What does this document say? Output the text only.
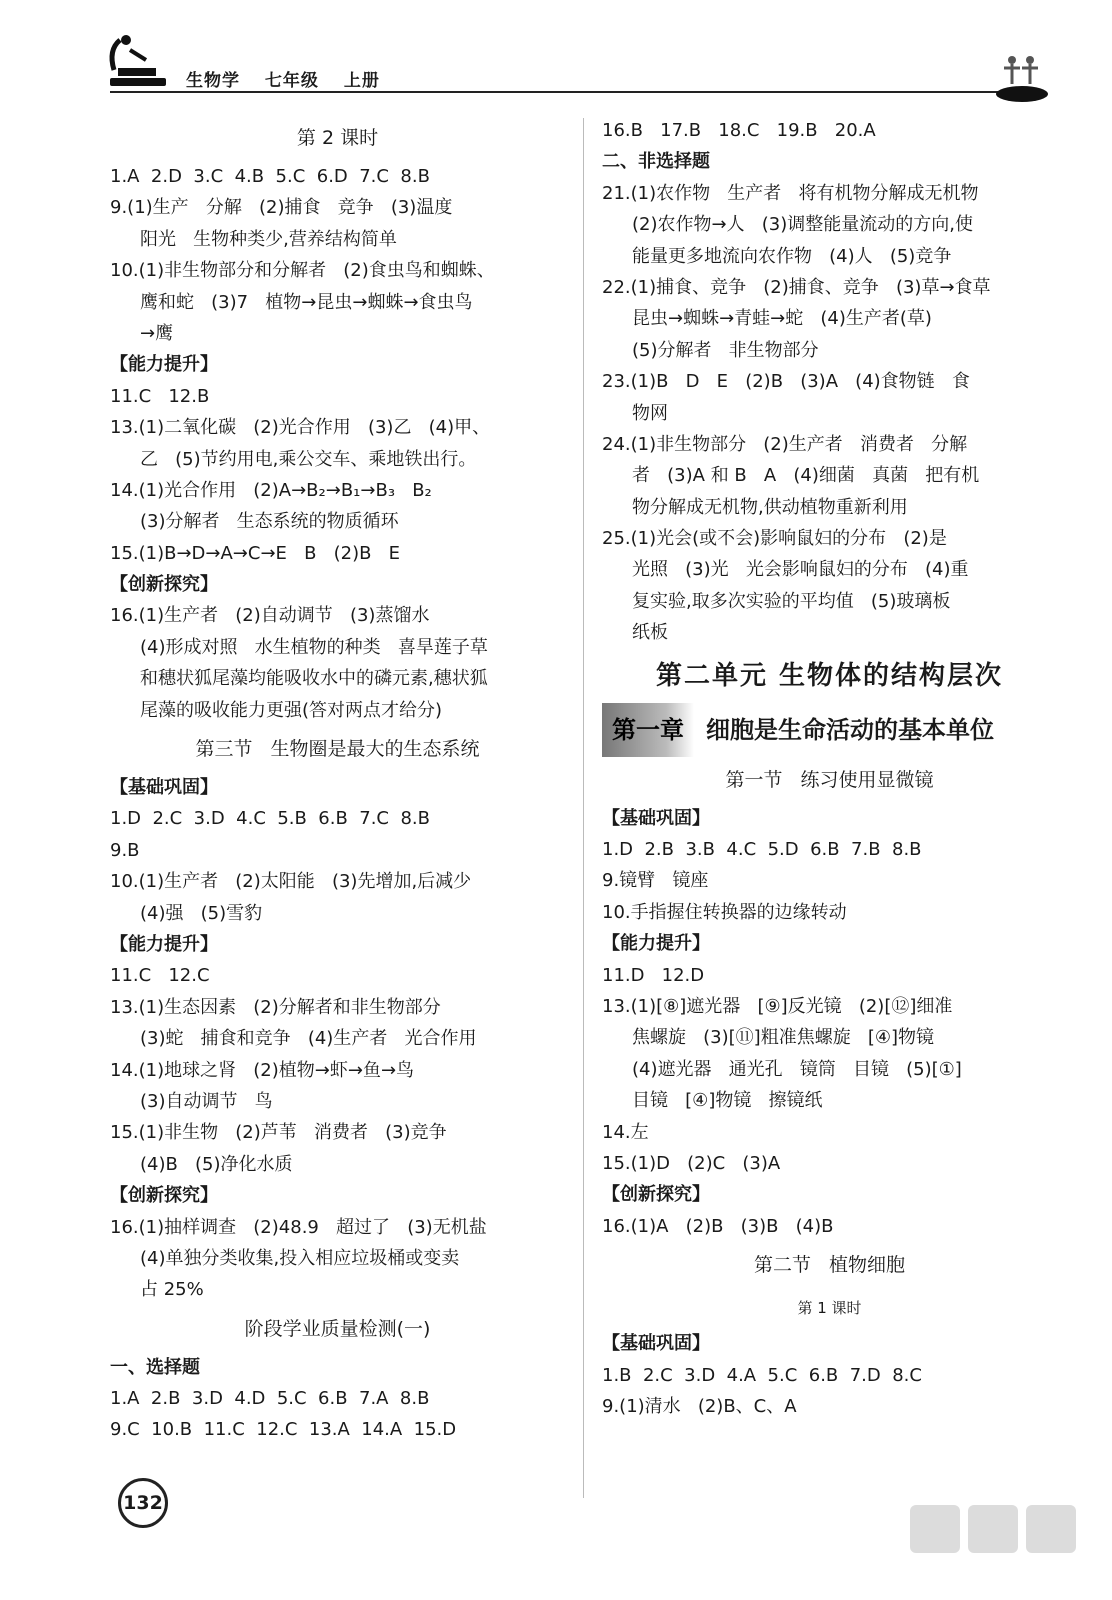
生物学 七年级 上册
第 2 课时
1.A  2.D  3.C  4.B  5.C  6.D  7.C  8.B
9.(1)生产   分解   (2)捕食   竞争   (3)温度
阳光   生物种类少,营养结构简单
10.(1)非生物部分和分解者   (2)食虫鸟和蜘蛛、
鹰和蛇   (3)7   植物→昆虫→蜘蛛→食虫鸟
→鹰
【能力提升】
11.C   12.B
13.(1)二氧化碳   (2)光合作用   (3)乙   (4)甲、
乙   (5)节约用电,乘公交车、乘地铁出行。
14.(1)光合作用   (2)A→B₂→B₁→B₃   B₂
(3)分解者   生态系统的物质循环
15.(1)B→D→A→C→E   B   (2)B   E
【创新探究】
16.(1)生产者   (2)自动调节   (3)蒸馏水
(4)形成对照   水生植物的种类   喜旱莲子草
和穗状狐尾藻均能吸收水中的磷元素,穗状狐
尾藻的吸收能力更强(答对两点才给分)
第三节   生物圈是最大的生态系统
【基础巩固】
1.D  2.C  3.D  4.C  5.B  6.B  7.C  8.B
9.B
10.(1)生产者   (2)太阳能   (3)先增加,后减少
(4)强   (5)雪豹
【能力提升】
11.C   12.C
13.(1)生态因素   (2)分解者和非生物部分
(3)蛇   捕食和竞争   (4)生产者   光合作用
14.(1)地球之肾   (2)植物→虾→鱼→鸟
(3)自动调节   鸟
15.(1)非生物   (2)芦苇   消费者   (3)竞争
(4)B   (5)净化水质
【创新探究】
16.(1)抽样调查   (2)48.9   超过了   (3)无机盐
(4)单独分类收集,投入相应垃圾桶或变卖
占 25%
阶段学业质量检测(一)
一、选择题
1.A  2.B  3.D  4.D  5.C  6.B  7.A  8.B
9.C  10.B  11.C  12.C  13.A  14.A  15.D
16.B   17.B   18.C   19.B   20.A
二、非选择题
21.(1)农作物   生产者   将有机物分解成无机物
(2)农作物→人   (3)调整能量流动的方向,使
能量更多地流向农作物   (4)人   (5)竞争
22.(1)捕食、竞争   (2)捕食、竞争   (3)草→食草
昆虫→蜘蛛→青蛙→蛇   (4)生产者(草)
(5)分解者   非生物部分
23.(1)B   D   E   (2)B   (3)A   (4)食物链   食
物网
24.(1)非生物部分   (2)生产者   消费者   分解
者   (3)A 和 B   A   (4)细菌   真菌   把有机
物分解成无机物,供动植物重新利用
25.(1)光会(或不会)影响鼠妇的分布   (2)是
光照   (3)光   光会影响鼠妇的分布   (4)重
复实验,取多次实验的平均值   (5)玻璃板
纸板
第二单元 生物体的结构层次
第一章 细胞是生命活动的基本单位
第一节   练习使用显微镜
【基础巩固】
1.D  2.B  3.B  4.C  5.D  6.B  7.B  8.B
9.镜臂   镜座
10.手指握住转换器的边缘转动
【能力提升】
11.D   12.D
13.(1)[⑧]遮光器   [⑨]反光镜   (2)[⑫]细准
焦螺旋   (3)[⑪]粗准焦螺旋   [④]物镜
(4)遮光器   通光孔   镜筒   目镜   (5)[①]
目镜   [④]物镜   擦镜纸
14.左
15.(1)D   (2)C   (3)A
【创新探究】
16.(1)A   (2)B   (3)B   (4)B
第二节   植物细胞
第 1 课时
【基础巩固】
1.B  2.C  3.D  4.A  5.C  6.B  7.D  8.C
9.(1)清水   (2)B、C、A
132
